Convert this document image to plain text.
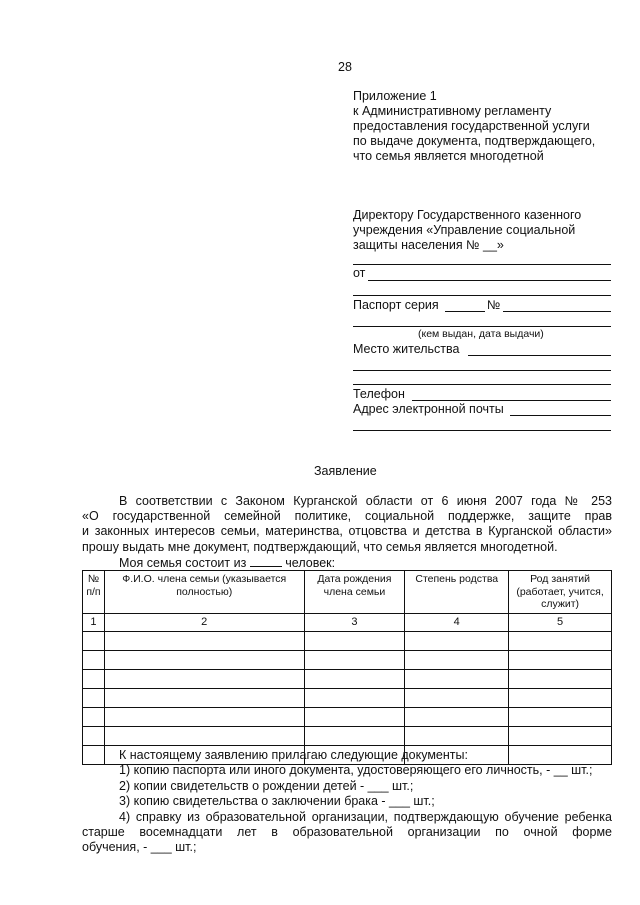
28
Приложение 1
к Административному регламенту
предоставления государственной услуги
по выдаче документа, подтверждающего,
что семья является многодетной
Директору Государственного казенного
учреждения «Управление социальной
защиты населения № __»
от
Паспорт серия	№
(кем выдан, дата выдачи)
Место жительства
Телефон
Адрес электронной почты
Заявление
В соответствии с Законом Курганской области от 6 июня 2007 года № 253
«О государственной семейной политике, социальной поддержке, защите прав
и законных интересов семьи, материнства, отцовства и детства в Курганской области»
прошу выдать мне документ, подтверждающий, что семья является многодетной.
Моя семья состоит из	человек:
№ п/п	Ф.И.О. члена семьи (указывается полностью)	Дата рождения члена семьи	Степень родства	Род занятий (работает, учится, служит)
1	2	3	4	5

К настоящему заявлению прилагаю следующие документы:
1) копию паспорта или иного документа, удостоверяющего его личность, - __ шт.;
2) копии свидетельств о рождении детей - ___ шт.;
3) копию свидетельства о заключении брака - ___ шт.;
4) справку из образовательной организации, подтверждающую обучение ребенка
старше восемнадцати лет в образовательной организации по очной форме
обучения, - ___ шт.;
